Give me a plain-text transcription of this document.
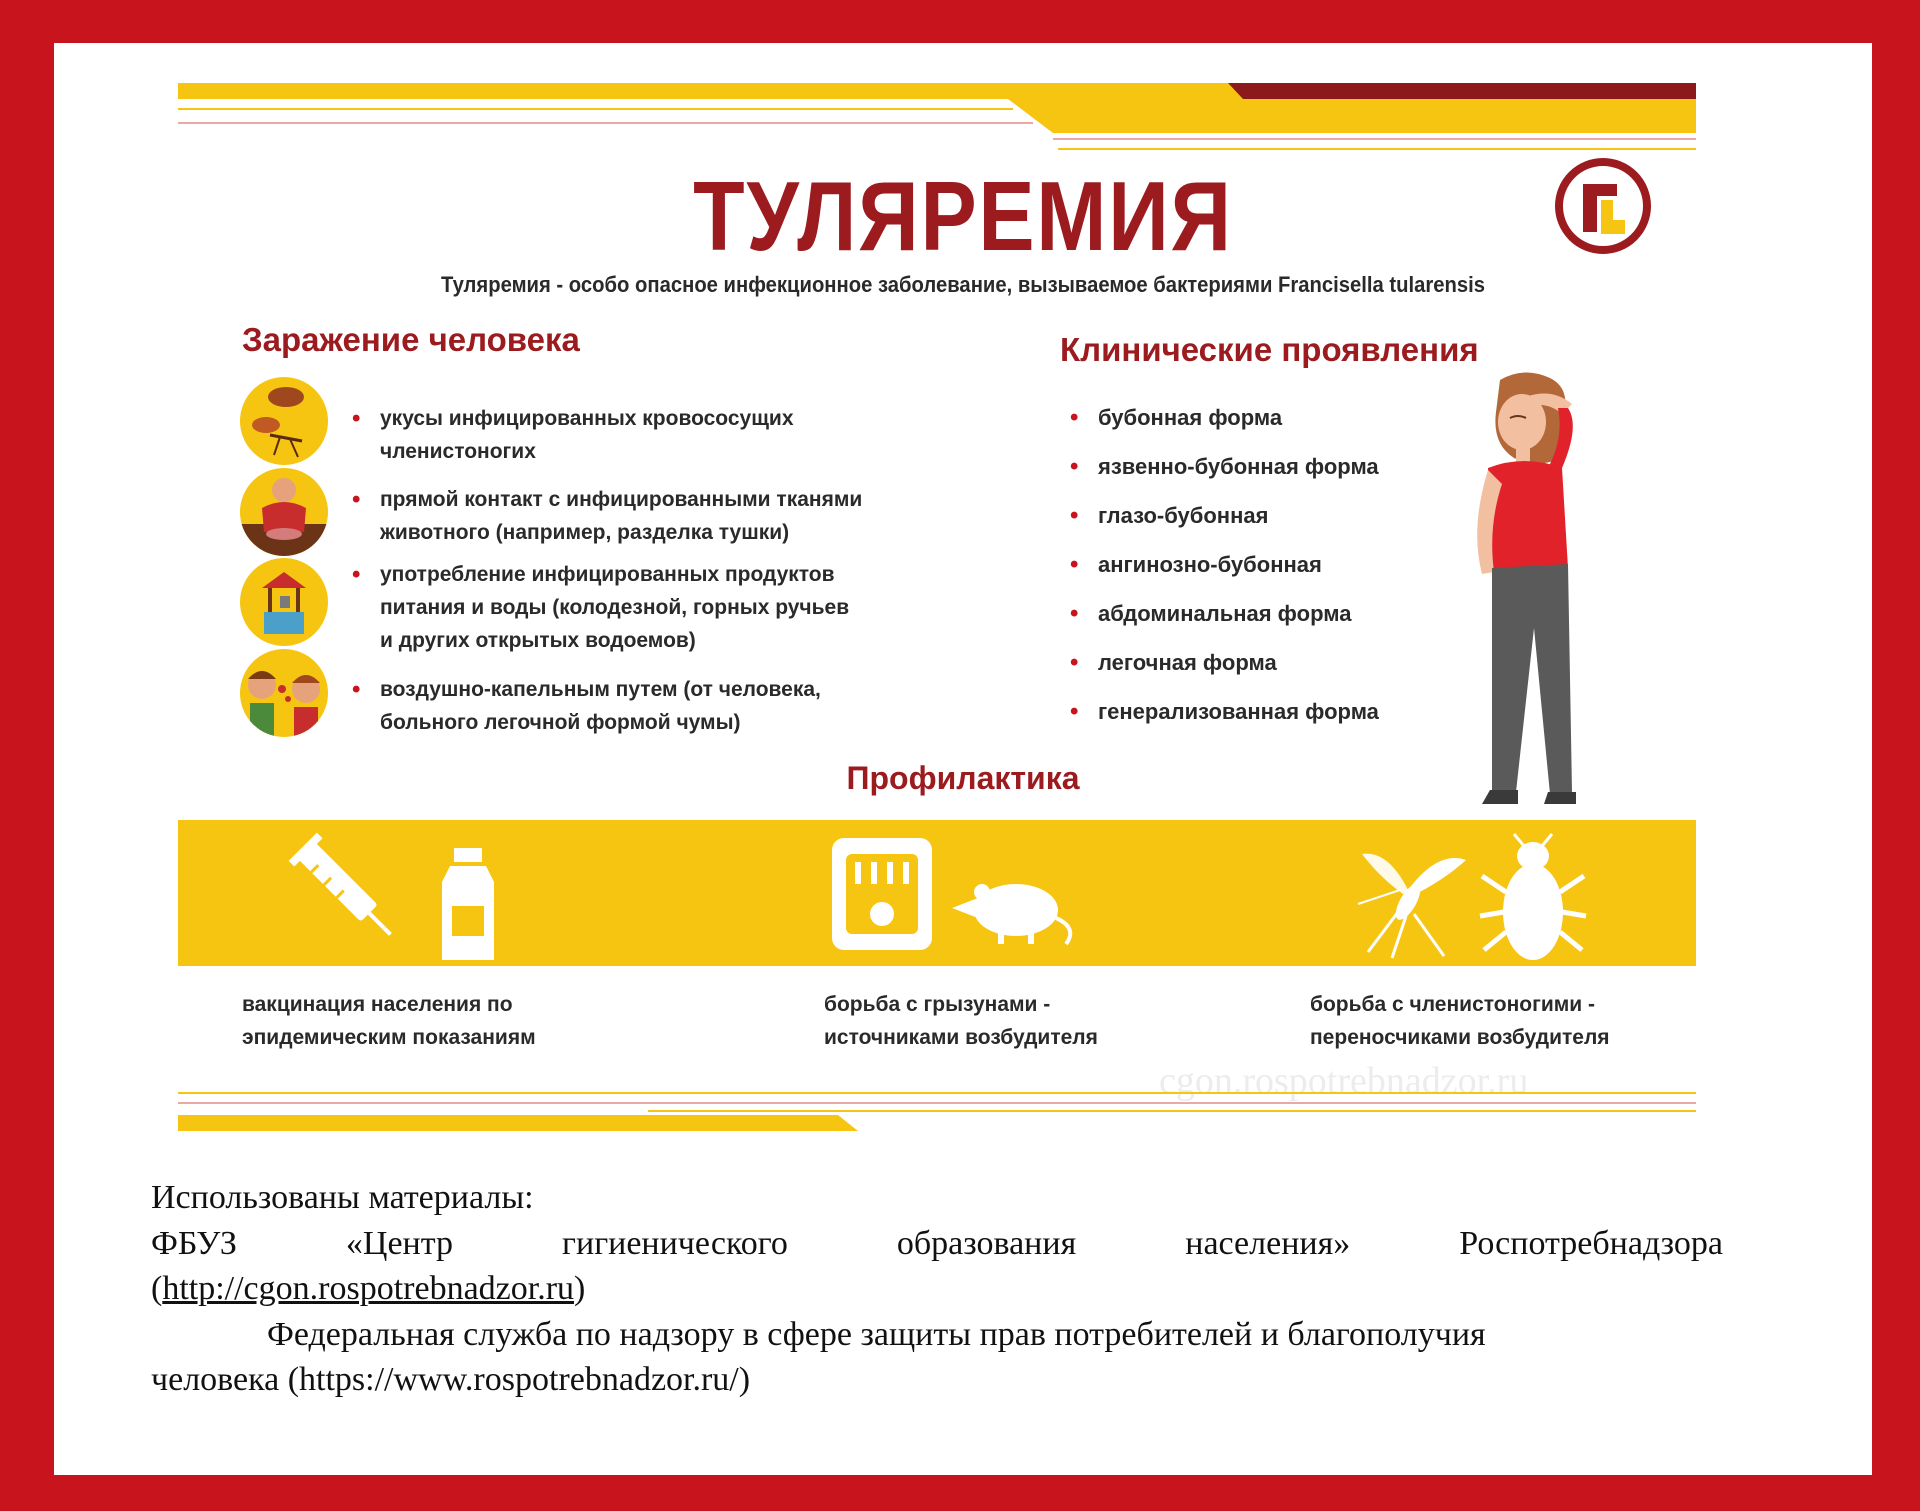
ТУЛЯРЕМИЯ
Туляремия - особо опасное инфекционное заболевание, вызываемое бактериями Francisella tularensis
Заражение человека
• укусы инфицированных кровососущих
членистоногих
• прямой контакт с инфицированными тканями
животного (например, разделка тушки)
• употребление инфицированных продуктов
питания и воды (колодезной, горных ручьев
и других открытых водоемов)
• воздушно-капельным путем (от человека,
больного легочной формой чумы)
Клинические проявления
• бубонная форма
• язвенно-бубонная форма
• глазо-бубонная
• ангинозно-бубонная
• абдоминальная форма
• легочная форма
• генерализованная форма
Профилактика
вакцинация населения по
эпидемическим показаниям
борьба с грызунами -
источниками возбудителя
борьба с членистоногими -
переносчиками возбудителя
cgon.rospotrebnadzor.ru
Использованы материалы:
ФБУЗ	«Центр	гигиенического	образования	населения»	Роспотребнадзора
(http://cgon.rospotrebnadzor.ru)
Федеральная служба по надзору в сфере защиты прав потребителей и благополучия
человека (https://www.rospotrebnadzor.ru/)
